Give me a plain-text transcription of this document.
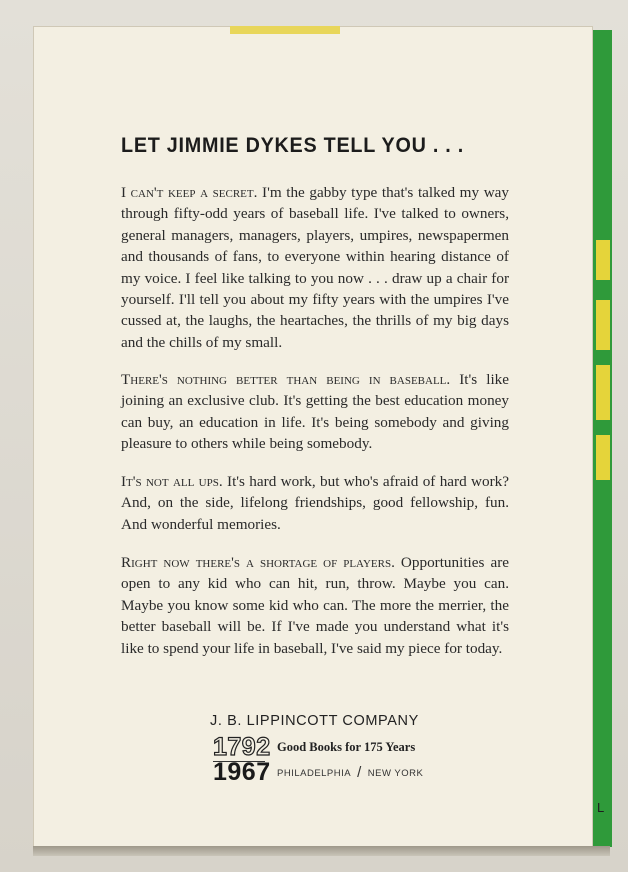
L
LET JIMMIE DYKES TELL YOU . . .

I can't keep a secret. I'm the gabby type that's talked my way through fifty-odd years of baseball life. I've talked to owners, general managers, managers, players, umpires, newspapermen and thousands of fans, to everyone within hearing distance of my voice. I feel like talking to you now . . . draw up a chair for yourself. I'll tell you about my fifty years with the umpires I've cussed at, the laughs, the heartaches, the thrills of my big days and the chills of my small.

There's nothing better than being in baseball. It's like joining an exclusive club. It's getting the best education money can buy, an education in life. It's being somebody and giving pleasure to others while being somebody.

It's not all ups. It's hard work, but who's afraid of hard work? And, on the side, lifelong friendships, good fellowship, fun. And wonderful memories.

Right now there's a shortage of players. Opportunities are open to any kid who can hit, run, throw. Maybe you can. Maybe you know some kid who can. The more the merrier, the better baseball will be. If I've made you understand what it's like to spend your life in baseball, I've said my piece for today.

J. B. LIPPINCOTT COMPANY
1792
1967
Good Books for 175 Years
PHILADELPHIA / NEW YORK
